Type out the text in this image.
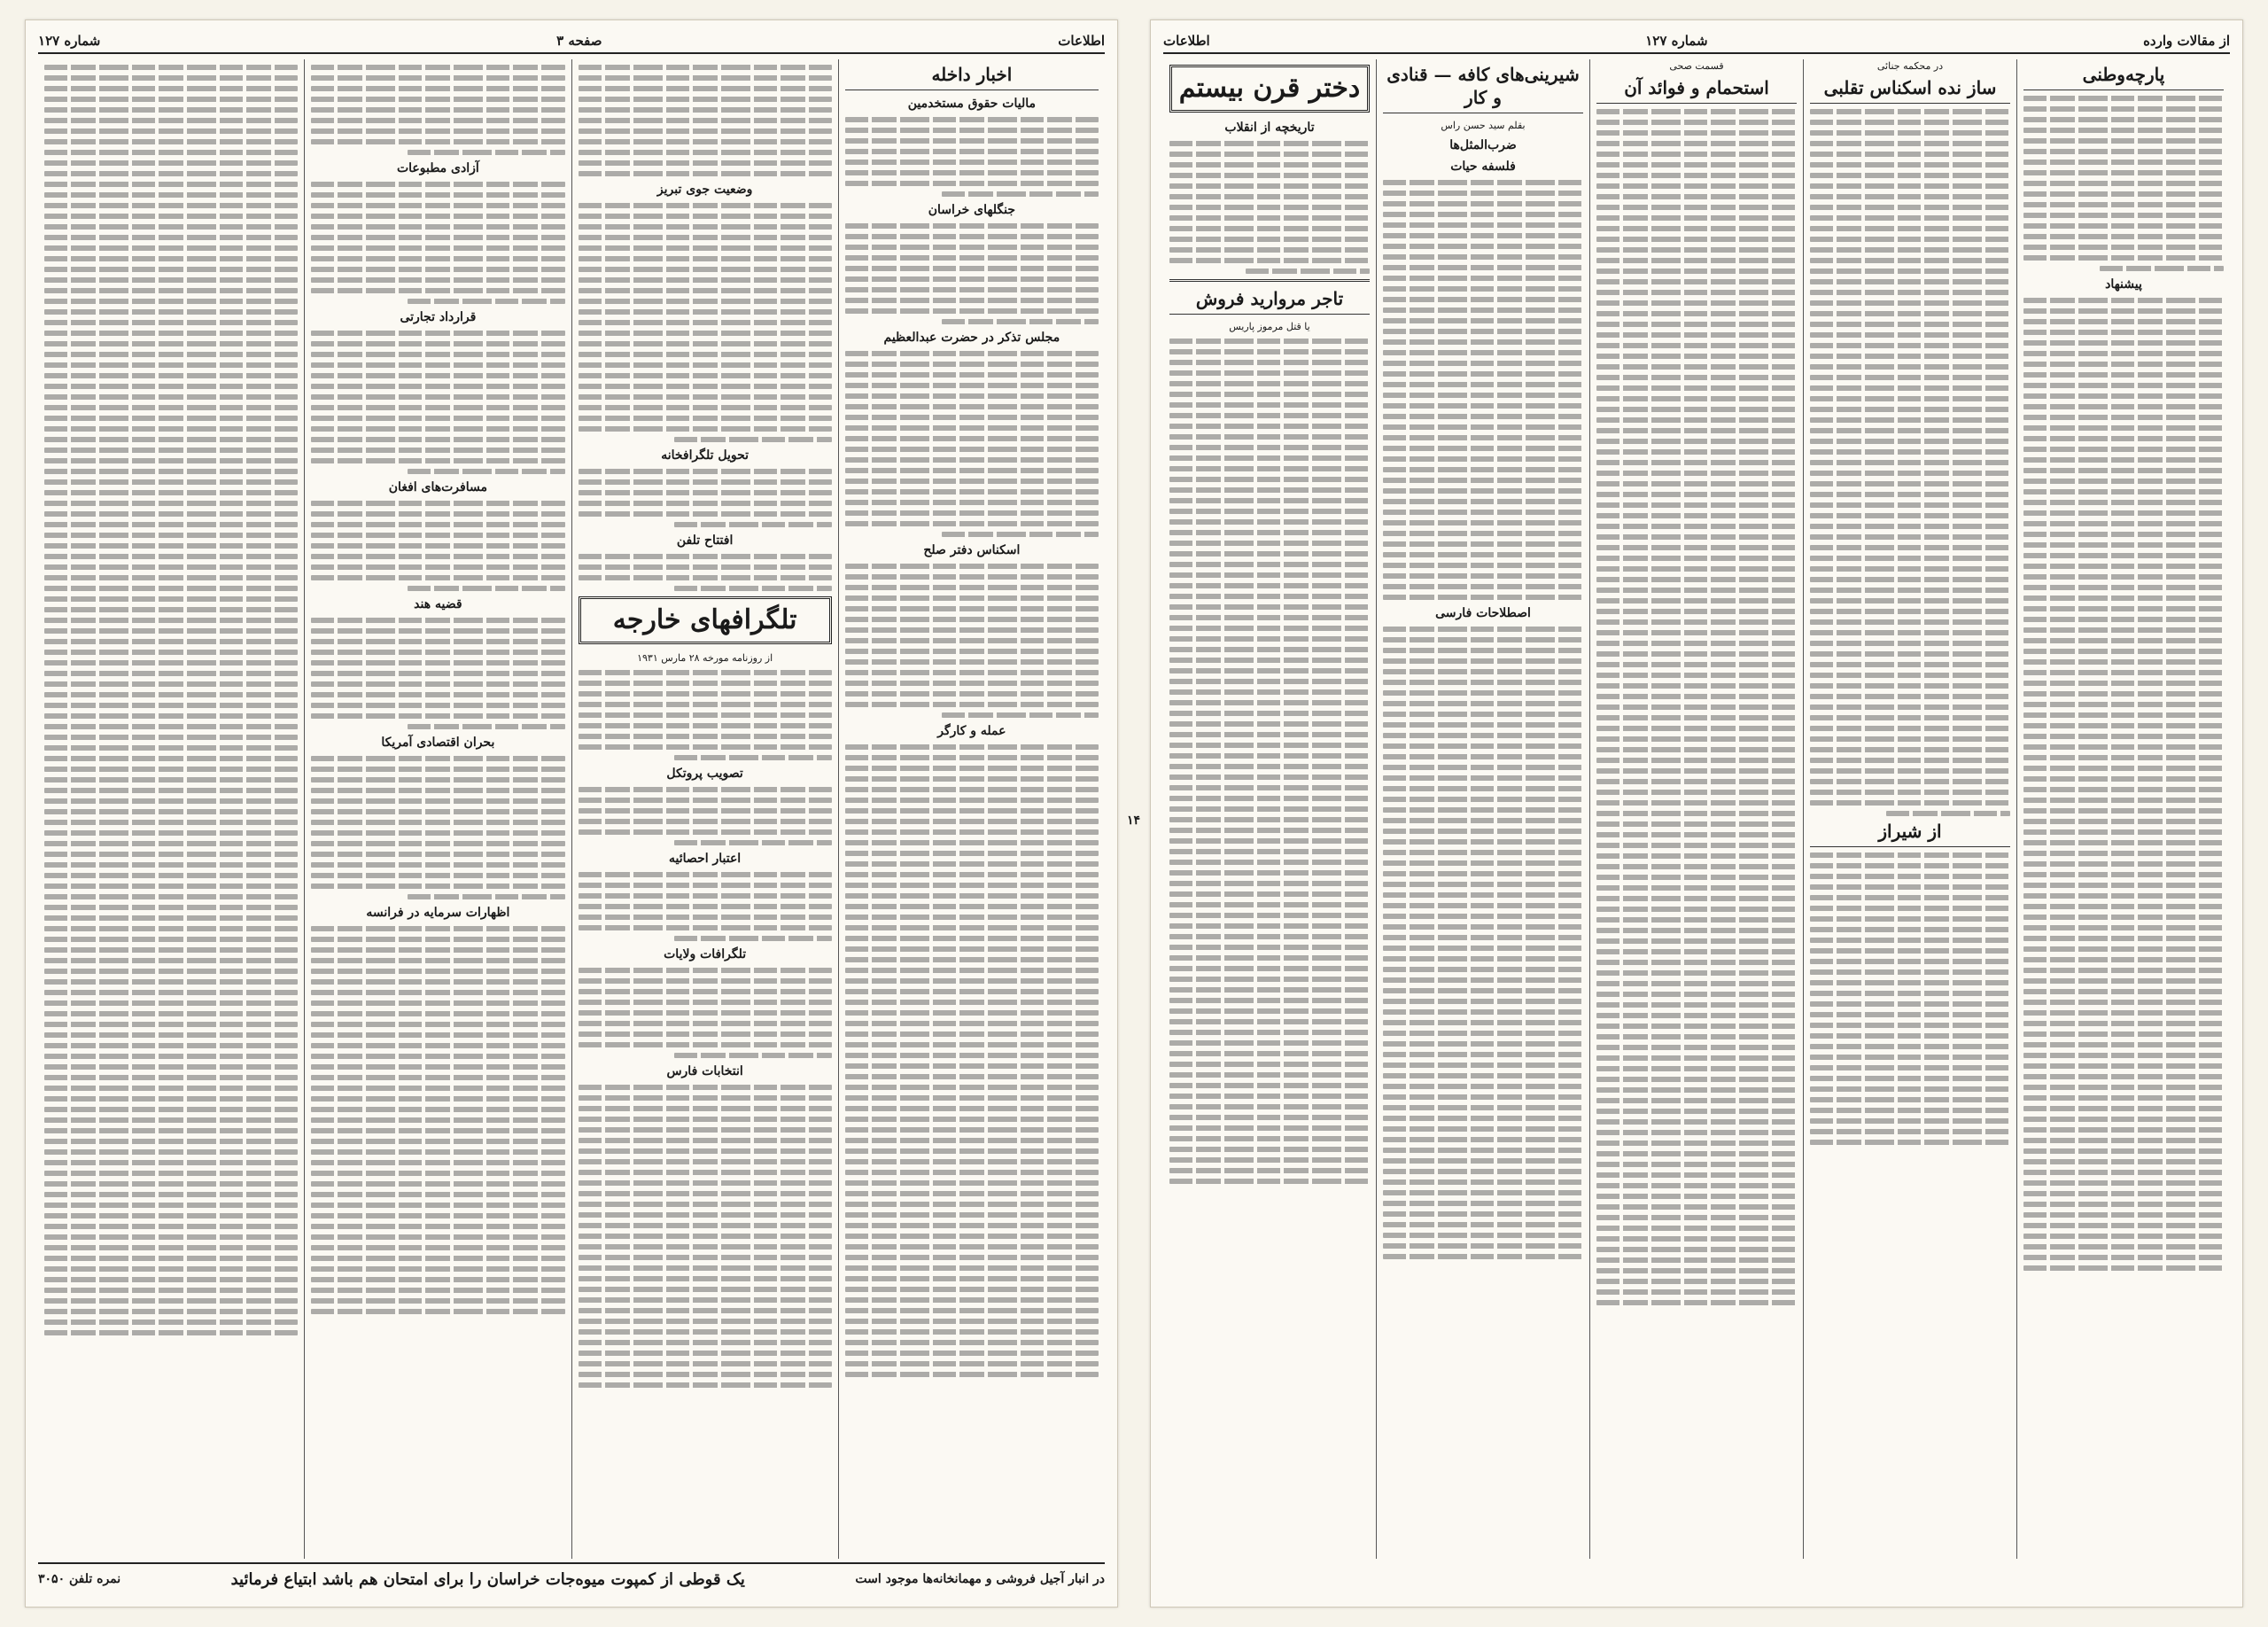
اطلاعات
صفحه ۳
شماره ۱۲۷
اخبار داخله
مالیات حقوق مستخدمین
جنگلهای خراسان
مجلس تذکر در حضرت عبدالعظیم
اسکناس دفتر صلح
عمله و کارگر
وضعیت جوی تبریز
تحویل تلگرافخانه
افتتاح تلفن
تلگرافهای خارجه
از روزنامه مورخه ۲۸ مارس ۱۹۳۱
تصویب پروتکل
اعتبار احصائیه
تلگرافات ولایات
انتخابات فارس
آزادی مطبوعات
قرارداد تجارتی
مسافرت‌های افغان
قضیه هند
بحران اقتصادی آمریکا
اظهارات سرمایه در فرانسه
در انبار آجیل فروشی و مهمانخانه‌ها موجود است
یک قوطی از کمپوت میوه‌جات خراسان را برای امتحان هم باشد ابتیاع فرمائید
نمره تلفن ۳۰۵۰
۱۴
از مقالات وارده
شماره ۱۲۷
اطلاعات
پارچه‌وطنی
پیشنهاد
در محکمه جنائی
ساز نده اسکناس تقلبی
از شیراز
قسمت صحی
استحمام و فوائد آن
شیرینی‌های کافه — قنادی و کار
بقلم سید حسن راس
ضرب‌المثل‌ها
فلسفه حیات
اصطلاحات فارسی
دختر قرن بیستم
تاریخچه از انقلاب
تاجر مروارید فروش
یا قتل مرموز پاریس
